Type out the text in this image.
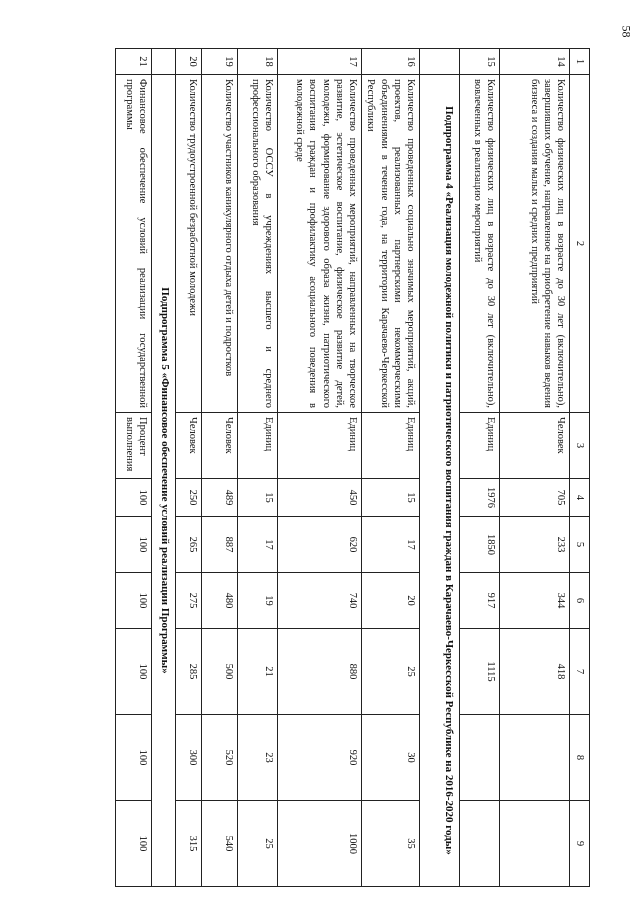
58
1	2	3	4	5	6	7	8	9
14	Количество физических лиц в возрасте до 30 лет (включительно), завершивших обучение, направленное на приобретение навыков ведения бизнеса и создания малых и средних предприятий	Человек	705	233	344	418		
15	Количество физических лиц в возрасте до 30 лет (включительно), вовлеченных в реализацию мероприятий	Единиц	1976	1850	917	1115		
	Подпрограмма 4 «Реализация молодежной политики и патриотического воспитания граждан в Карачаево-Черкесской Республике на 2016-2020 годы»							
16	Количество проведенных социально значимых мероприятий, акций, проектов, реализованных партнерскими некоммерческими объединениями в течение года, на территории Карачаево-Черкесской Республики	Единиц	15	17	20	25	30	35
17	Количество проведенных мероприятий, направленных на творческое развитие, эстетическое воспитание, физическое развитие детей, молодежи, формирование здорового образа жизни, патриотического воспитания граждан и профилактику асоциального поведения в молодежной среде	Единиц	450	620	740	880	920	1000
18	Количество ОССУ в учреждениях высшего и среднего профессионального образования	Единиц	15	17	19	21	23	25
19	Количество участников каникулярного отдыха детей и подростков	Человек	489	887	480	500	520	540
20	Количество трудоустроенной безработной молодежи	Человек	250	265	275	285	300	315
	Подпрограмма 5 «Финансовое обеспечение условий реализации Программы»							
21	Финансовое обеспечение условий реализации государственной программы	Процент выполнения	100	100	100	100	100	100
